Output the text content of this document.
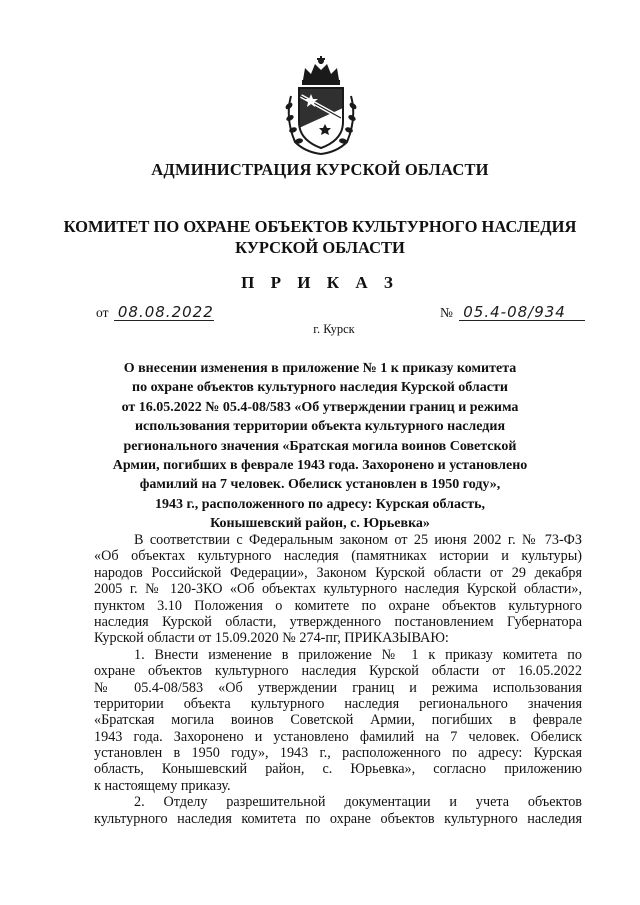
АДМИНИСТРАЦИЯ КУРСКОЙ ОБЛАСТИ
КОМИТЕТ ПО ОХРАНЕ ОБЪЕКТОВ КУЛЬТУРНОГО НАСЛЕДИЯ
КУРСКОЙ ОБЛАСТИ
П Р И К А З
от 08.08.2022	№ 05.4-08/934
г. Курск
О внесении изменения в приложение № 1 к приказу комитета
по охране объектов культурного наследия Курской области
от 16.05.2022 № 05.4-08/583 «Об утверждении границ и режима
использования территории объекта культурного наследия
регионального значения «Братская могила воинов Советской
Армии, погибших в феврале 1943 года. Захоронено и установлено
фамилий на 7 человек. Обелиск установлен в 1950 году»,
1943 г., расположенного по адресу: Курская область,
Конышевский район, с. Юрьевка»
В соответствии с Федеральным законом от 25 июня 2002 г. № 73-ФЗ
«Об объектах культурного наследия (памятниках истории и культуры)
народов Российской Федерации», Законом Курской области от 29 декабря
2005 г. № 120-ЗКО «Об объектах культурного наследия Курской области»,
пунктом 3.10 Положения о комитете по охране объектов культурного
наследия Курской области, утвержденного постановлением Губернатора
Курской области от 15.09.2020 № 274-пг, ПРИКАЗЫВАЮ:
1. Внести изменение в приложение № 1 к приказу комитета по
охране объектов культурного наследия Курской области от 16.05.2022
№ 05.4-08/583 «Об утверждении границ и режима использования
территории объекта культурного наследия регионального значения
«Братская могила воинов Советской Армии, погибших в феврале
1943 года. Захоронено и установлено фамилий на 7 человек. Обелиск
установлен в 1950 году», 1943 г., расположенного по адресу: Курская
область, Конышевский район, с. Юрьевка», согласно приложению
к настоящему приказу.
2. Отделу разрешительной документации и учета объектов
культурного наследия комитета по охране объектов культурного наследия
